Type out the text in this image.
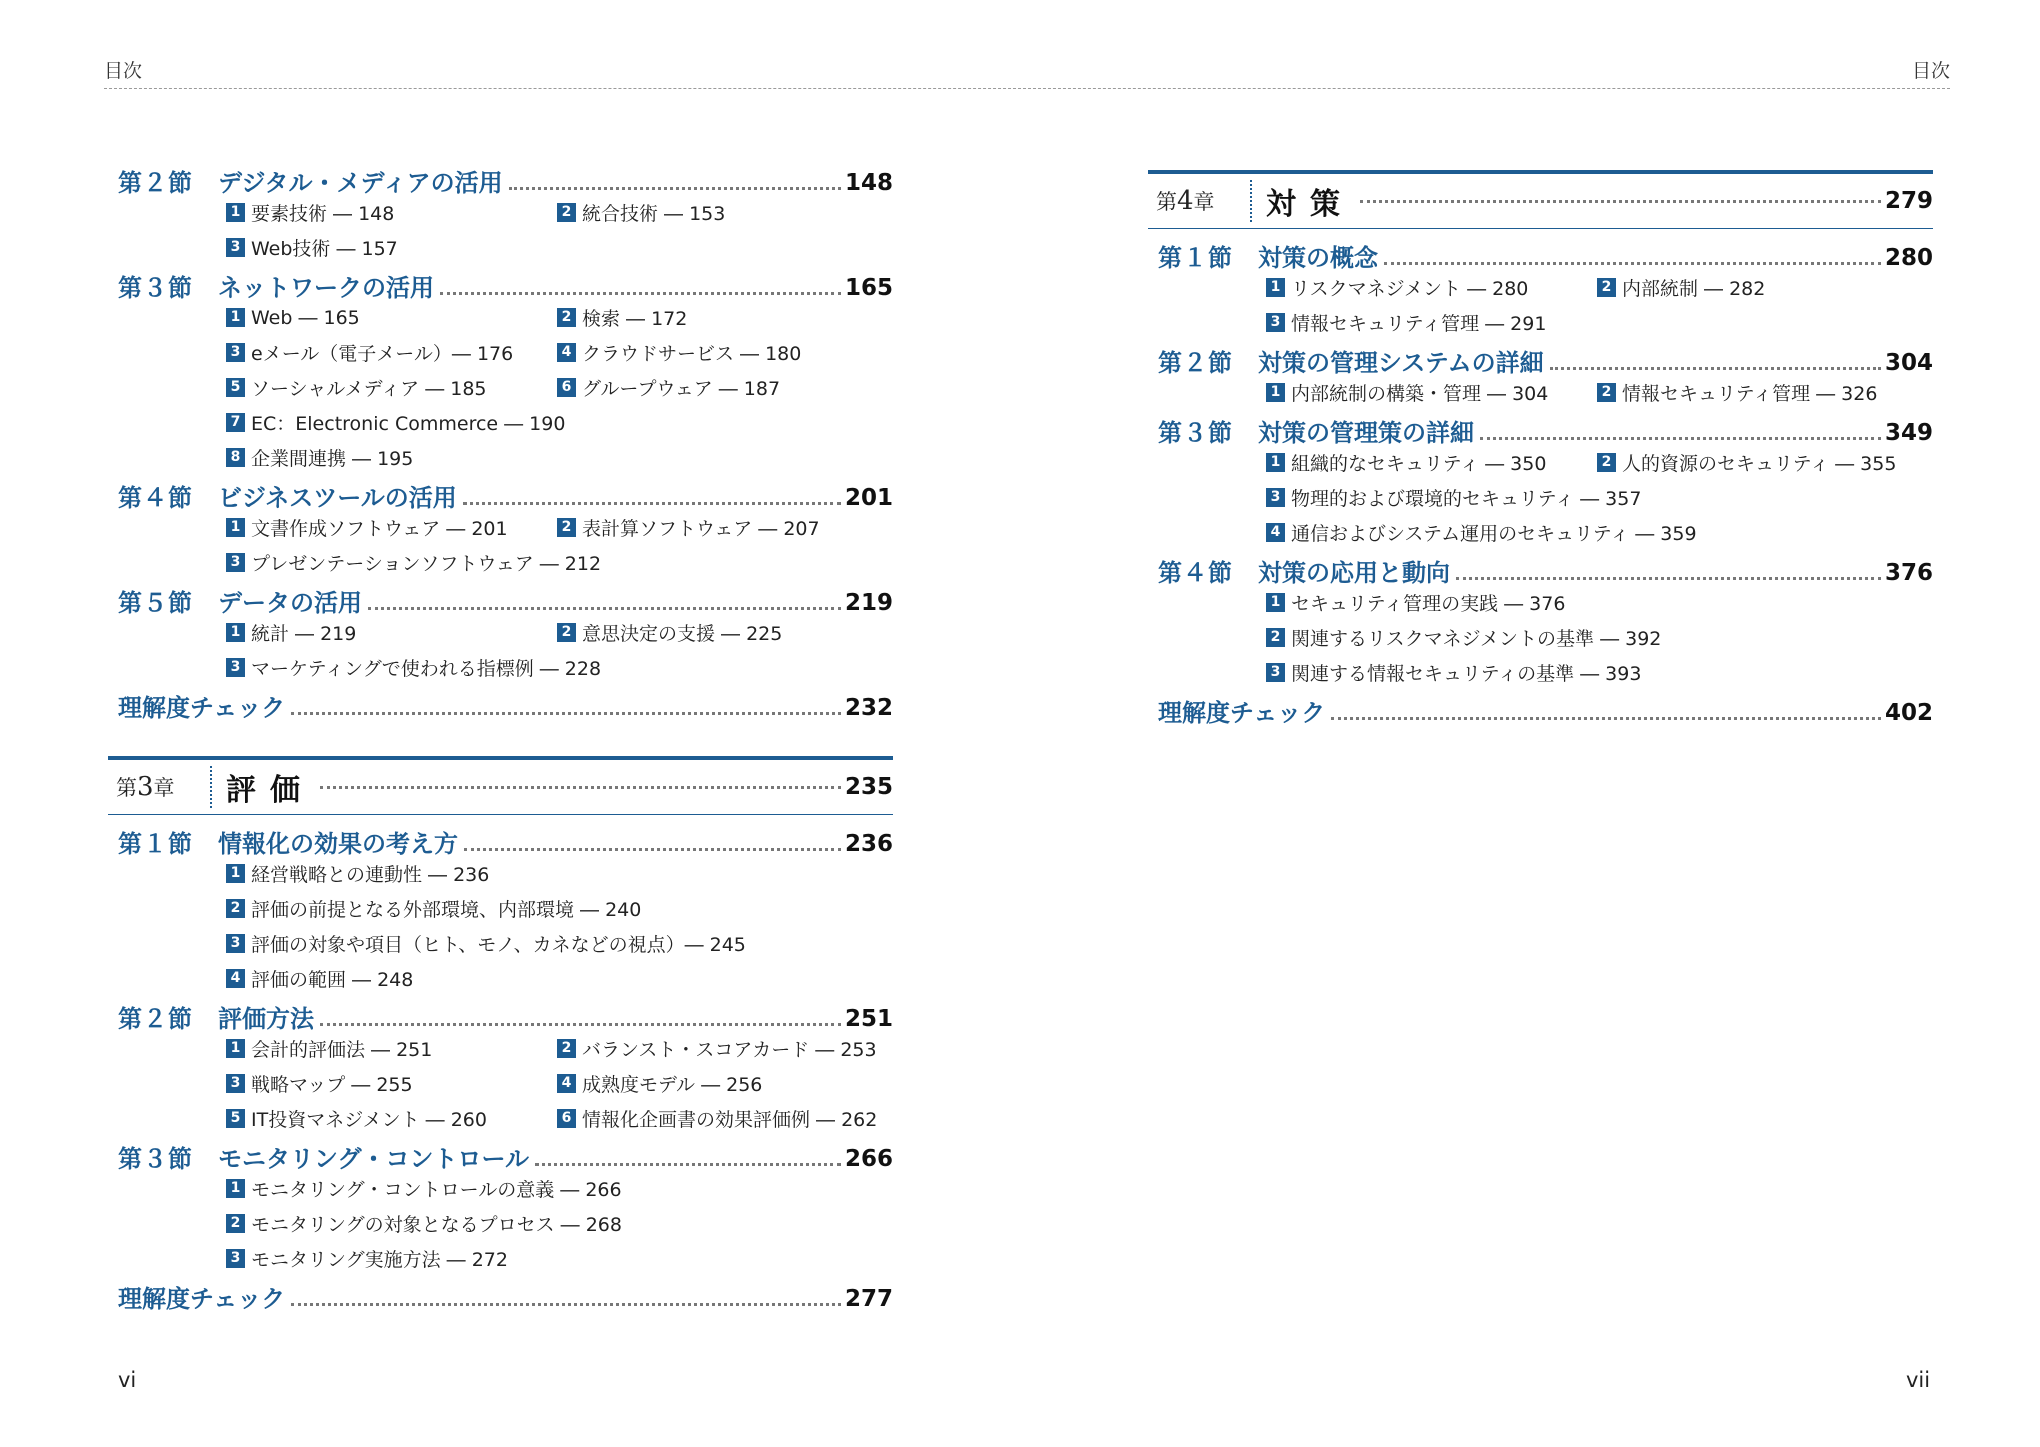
目次	目次
第２節	デジタル・メディアの活用	148
1 要素技術 ― 148	2 統合技術 ― 153
3 Web技術 ― 157
第３節	ネットワークの活用	165
1 Web ― 165	2 検索 ― 172
3 eメール（電子メール）― 176	4 クラウドサービス ― 180
5 ソーシャルメディア ― 185	6 グループウェア ― 187
7 EC：Electronic Commerce ― 190
8 企業間連携 ― 195
第４節	ビジネスツールの活用	201
1 文書作成ソフトウェア ― 201	2 表計算ソフトウェア ― 207
3 プレゼンテーションソフトウェア ― 212
第５節	データの活用	219
1 統計 ― 219	2 意思決定の支援 ― 225
3 マーケティングで使われる指標例 ― 228
理解度チェック	232
第 3 章	評価	235
第１節	情報化の効果の考え方	236
1 経営戦略との連動性 ― 236
2 評価の前提となる外部環境、内部環境 ― 240
3 評価の対象や項目（ヒト、モノ、カネなどの視点）― 245
4 評価の範囲 ― 248
第２節	評価方法	251
1 会計的評価法 ― 251	2 バランスト・スコアカード ― 253
3 戦略マップ ― 255	4 成熟度モデル ― 256
5 IT投資マネジメント ― 260	6 情報化企画書の効果評価例 ― 262
第３節	モニタリング・コントロール	266
1 モニタリング・コントロールの意義 ― 266
2 モニタリングの対象となるプロセス ― 268
3 モニタリング実施方法 ― 272
理解度チェック	277
第 4 章	対策	279
第１節	対策の概念	280
1 リスクマネジメント ― 280	2 内部統制 ― 282
3 情報セキュリティ管理 ― 291
第２節	対策の管理システムの詳細	304
1 内部統制の構築・管理 ― 304	2 情報セキュリティ管理 ― 326
第３節	対策の管理策の詳細	349
1 組織的なセキュリティ ― 350	2 人的資源のセキュリティ ― 355
3 物理的および環境的セキュリティ ― 357
4 通信およびシステム運用のセキュリティ ― 359
第４節	対策の応用と動向	376
1 セキュリティ管理の実践 ― 376
2 関連するリスクマネジメントの基準 ― 392
3 関連する情報セキュリティの基準 ― 393
理解度チェック	402
vi	vii
